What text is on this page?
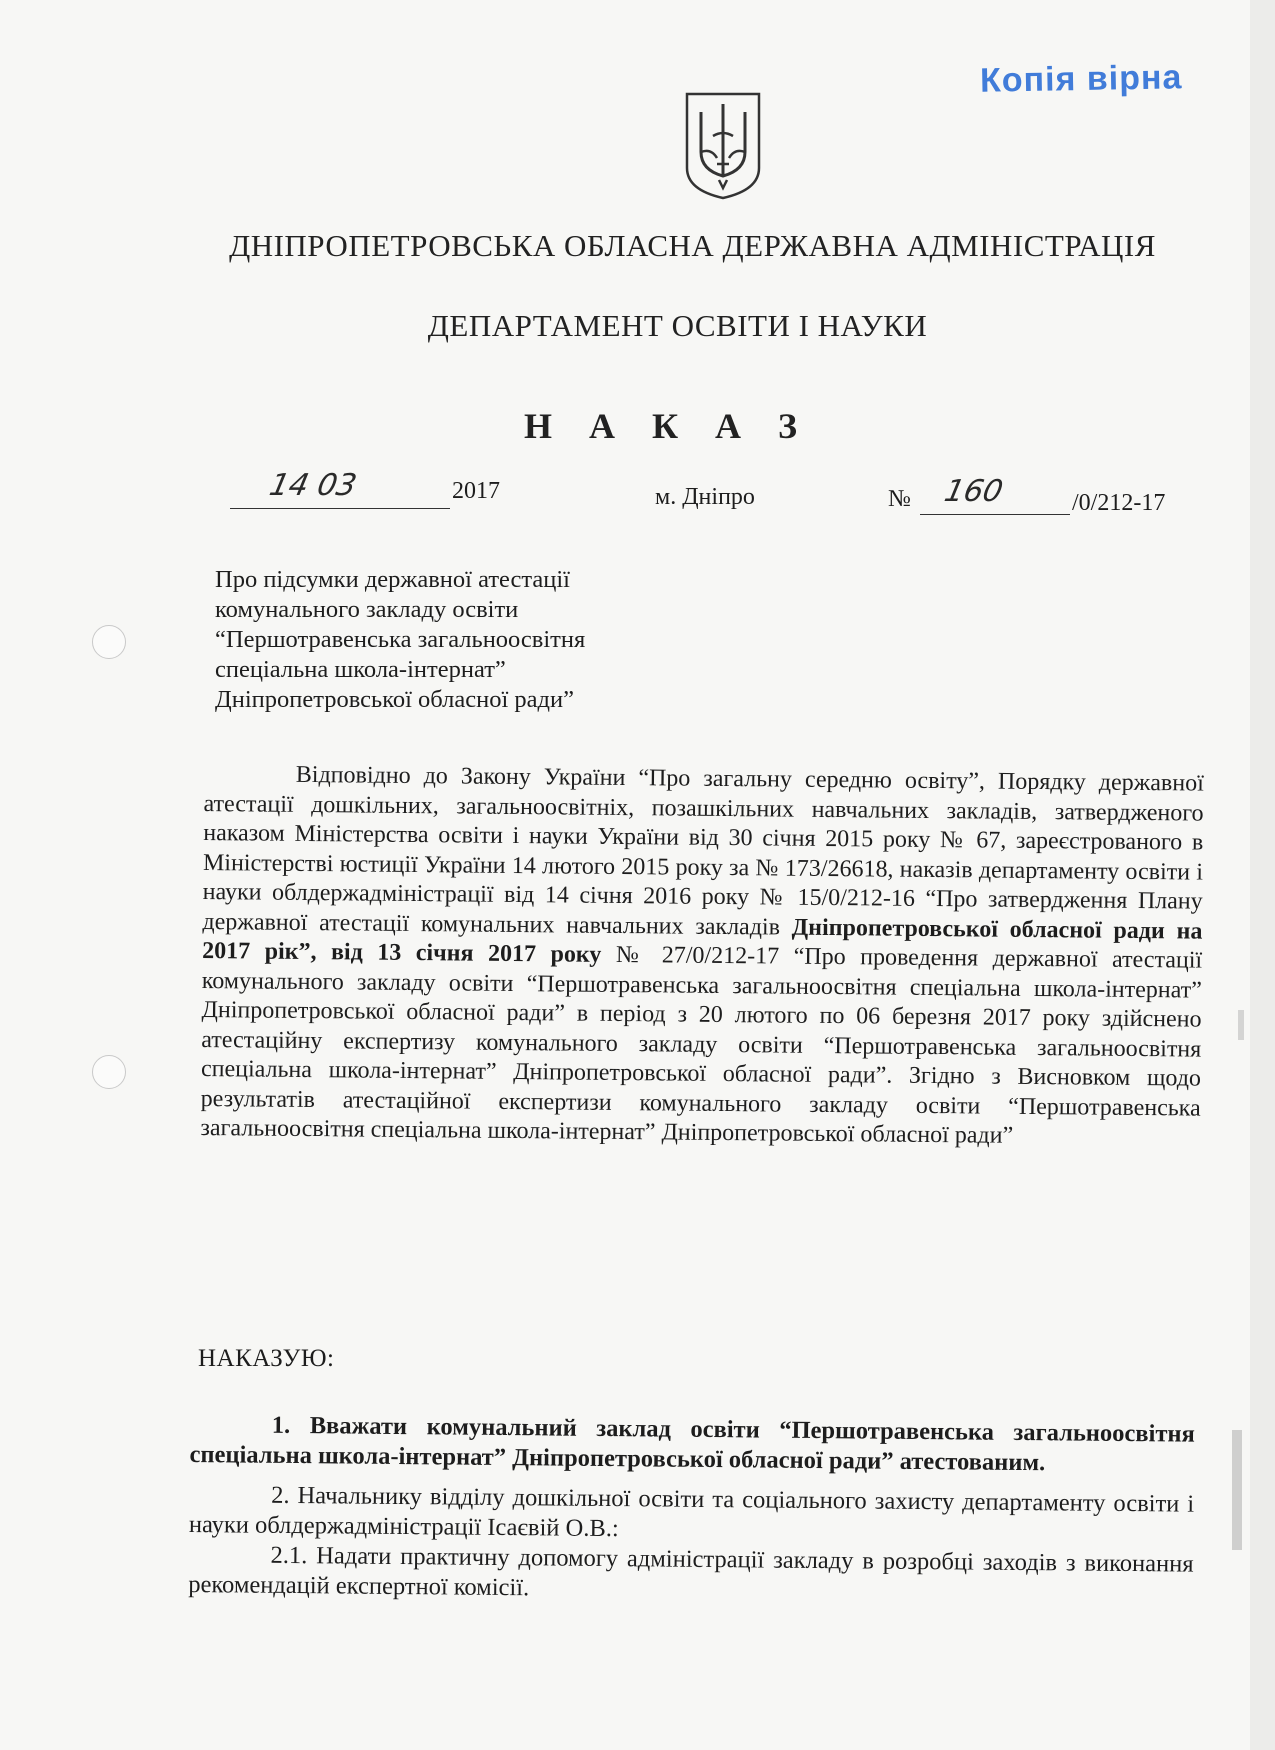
Копія вірна
ДНІПРОПЕТРОВСЬКА ОБЛАСНА ДЕРЖАВНА АДМІНІСТРАЦІЯ
ДЕПАРТАМЕНТ ОСВІТИ І НАУКИ
Н А К А З
14 03	2017	м. Дніпро	№ 160	/0/212-17
Про підсумки державної атестації
комунального закладу освіти
“Першотравенська загальноосвітня
спеціальна школа-інтернат”
Дніпропетровської обласної ради”

Відповідно до Закону України “Про загальну середню освіту”, Порядку державної атестації дошкільних, загальноосвітніх, позашкільних навчальних закладів, затвердженого наказом Міністерства освіти і науки України від 30 січня 2015 року № 67, зареєстрованого в Міністерстві юстиції України 14 лютого 2015 року за № 173/26618, наказів департаменту освіти і науки облдержадміністрації від 14 січня 2016 року № 15/0/212-16 “Про затвердження Плану державної атестації комунальних навчальних закладів Дніпропетровської обласної ради на 2017 рік”, від 13 січня 2017 року № 27/0/212-17 “Про проведення державної атестації комунального закладу освіти “Першотравенська загальноосвітня спеціальна школа-інтернат” Дніпропетровської обласної ради” в період з 20 лютого по 06 березня 2017 року здійснено атестаційну експертизу комунального закладу освіти “Першотравенська загальноосвітня спеціальна школа-інтернат” Дніпропетровської обласної ради”. Згідно з Висновком щодо результатів атестаційної експертизи комунального закладу освіти “Першотравенська загальноосвітня спеціальна школа-інтернат” Дніпропетровської обласної ради”

НАКАЗУЮ:

1. Вважати комунальний заклад освіти “Першотравенська загальноосвітня спеціальна школа-інтернат” Дніпропетровської обласної ради” атестованим.

2. Начальнику відділу дошкільної освіти та соціального захисту департаменту освіти і науки облдержадміністрації Ісаєвій О.В.:

2.1. Надати практичну допомогу адміністрації закладу в розробці заходів з виконання рекомендацій експертної комісії.
